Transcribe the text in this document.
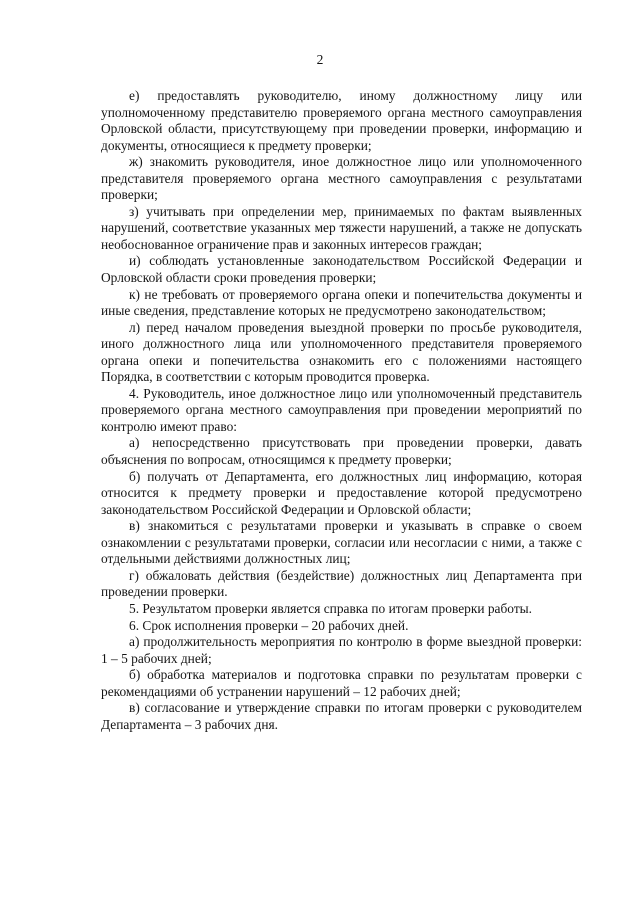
2

е) предоставлять руководителю, иному должностному лицу или уполномоченному представителю проверяемого органа местного самоуправления Орловской области, присутствующему при проведении проверки, информацию и документы, относящиеся к предмету проверки;

ж) знакомить руководителя, иное должностное лицо или уполномоченного представителя проверяемого органа местного самоуправления с результатами проверки;

з) учитывать при определении мер, принимаемых по фактам выявленных нарушений, соответствие указанных мер тяжести нарушений, а также не допускать необоснованное ограничение прав и законных интересов граждан;

и) соблюдать установленные законодательством Российской Федерации и Орловской области сроки проведения проверки;

к) не требовать от проверяемого органа опеки и попечительства документы и иные сведения, представление которых не предусмотрено законодательством;

л) перед началом проведения выездной проверки по просьбе руководителя, иного должностного лица или уполномоченного представителя проверяемого органа опеки и попечительства ознакомить его с положениями настоящего Порядка, в соответствии с которым проводится проверка.

4. Руководитель, иное должностное лицо или уполномоченный представитель проверяемого органа местного самоуправления при проведении мероприятий по контролю имеют право:

а) непосредственно присутствовать при проведении проверки, давать объяснения по вопросам, относящимся к предмету проверки;

б) получать от Департамента, его должностных лиц информацию, которая относится к предмету проверки и предоставление которой предусмотрено законодательством Российской Федерации и Орловской области;

в) знакомиться с результатами проверки и указывать в справке о своем ознакомлении с результатами проверки, согласии или несогласии с ними, а также с отдельными действиями должностных лиц;

г) обжаловать действия (бездействие) должностных лиц Департамента при проведении проверки.

5. Результатом проверки является справка по итогам проверки работы.

6. Срок исполнения проверки – 20 рабочих дней.

а) продолжительность мероприятия по контролю в форме выездной проверки: 1 – 5 рабочих дней;

б) обработка материалов и подготовка справки по результатам проверки с рекомендациями об устранении нарушений – 12 рабочих дней;

в) согласование и утверждение справки по итогам проверки с руководителем Департамента – 3 рабочих дня.
